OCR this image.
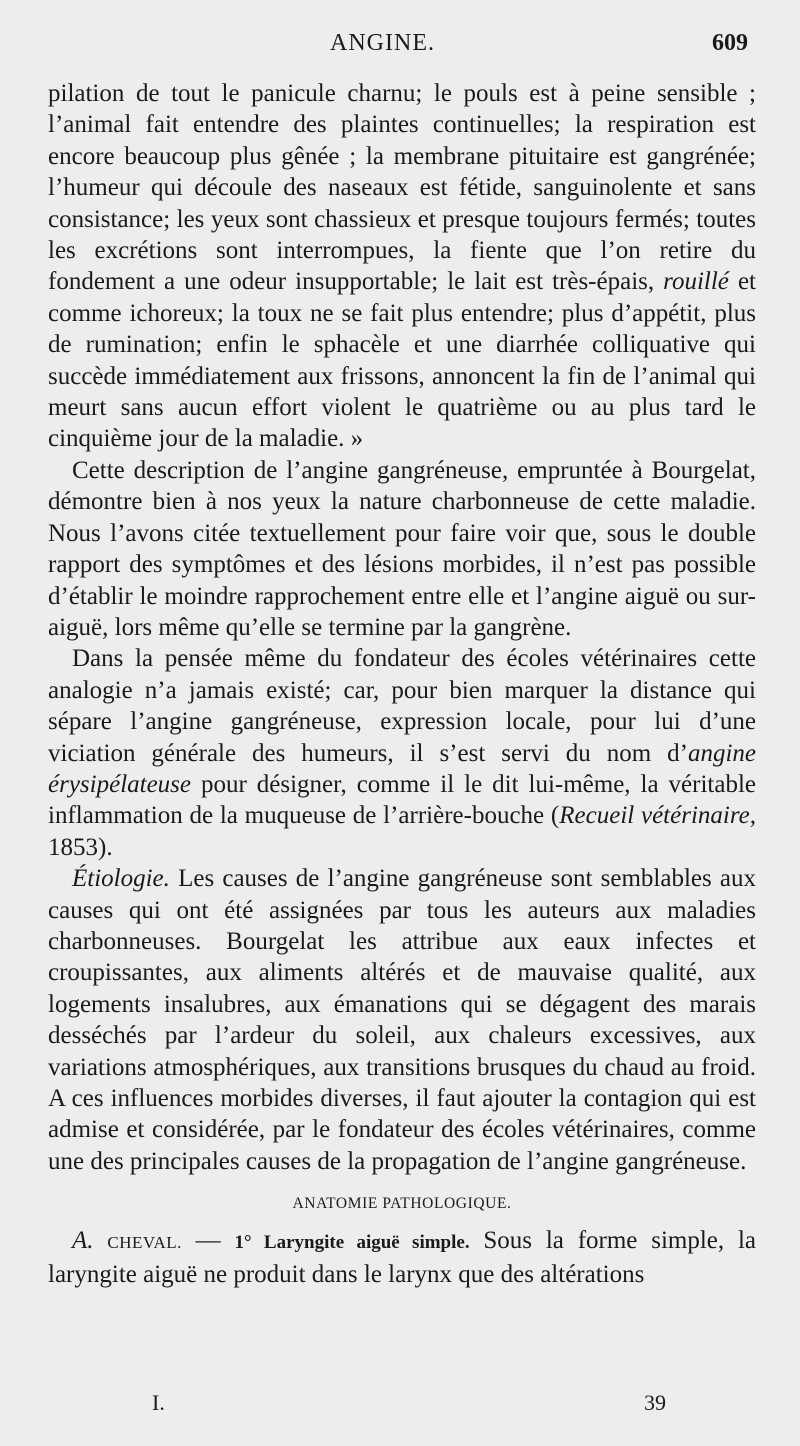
ANGINE.	609

pilation de tout le panicule charnu; le pouls est à peine sensible ; l’animal fait entendre des plaintes continuelles; la respiration est encore beaucoup plus gênée ; la membrane pituitaire est gangrénée; l’humeur qui découle des naseaux est fétide, sanguinolente et sans consistance; les yeux sont chassieux et presque toujours fermés; toutes les excrétions sont interrompues, la fiente que l’on retire du fondement a une odeur insupportable; le lait est très-épais, rouillé et comme ichoreux; la toux ne se fait plus entendre; plus d’appétit, plus de rumination; enfin le sphacèle et une diarrhée colliquative qui succède immédiatement aux frissons, annoncent la fin de l’animal qui meurt sans aucun effort violent le quatrième ou au plus tard le cinquième jour de la maladie. »

Cette description de l’angine gangréneuse, empruntée à Bourgelat, démontre bien à nos yeux la nature charbonneuse de cette maladie. Nous l’avons citée textuellement pour faire voir que, sous le double rapport des symptômes et des lésions morbides, il n’est pas possible d’établir le moindre rapprochement entre elle et l’angine aiguë ou sur-aiguë, lors même qu’elle se termine par la gangrène.

Dans la pensée même du fondateur des écoles vétérinaires cette analogie n’a jamais existé; car, pour bien marquer la distance qui sépare l’angine gangréneuse, expression locale, pour lui d’une viciation générale des humeurs, il s’est servi du nom d’angine érysipélateuse pour désigner, comme il le dit lui-même, la véritable inflammation de la muqueuse de l’arrière-bouche (Recueil vétérinaire, 1853).

Étiologie. Les causes de l’angine gangréneuse sont semblables aux causes qui ont été assignées par tous les auteurs aux maladies charbonneuses. Bourgelat les attribue aux eaux infectes et croupissantes, aux aliments altérés et de mauvaise qualité, aux logements insalubres, aux émanations qui se dégagent des marais desséchés par l’ardeur du soleil, aux chaleurs excessives, aux variations atmosphériques, aux transitions brusques du chaud au froid. A ces influences morbides diverses, il faut ajouter la contagion qui est admise et considérée, par le fondateur des écoles vétérinaires, comme une des principales causes de la propagation de l’angine gangréneuse.

ANATOMIE PATHOLOGIQUE.

A. CHEVAL. — 1° Laryngite aiguë simple. Sous la forme simple, la laryngite aiguë ne produit dans le larynx que des altérations

I.	39
